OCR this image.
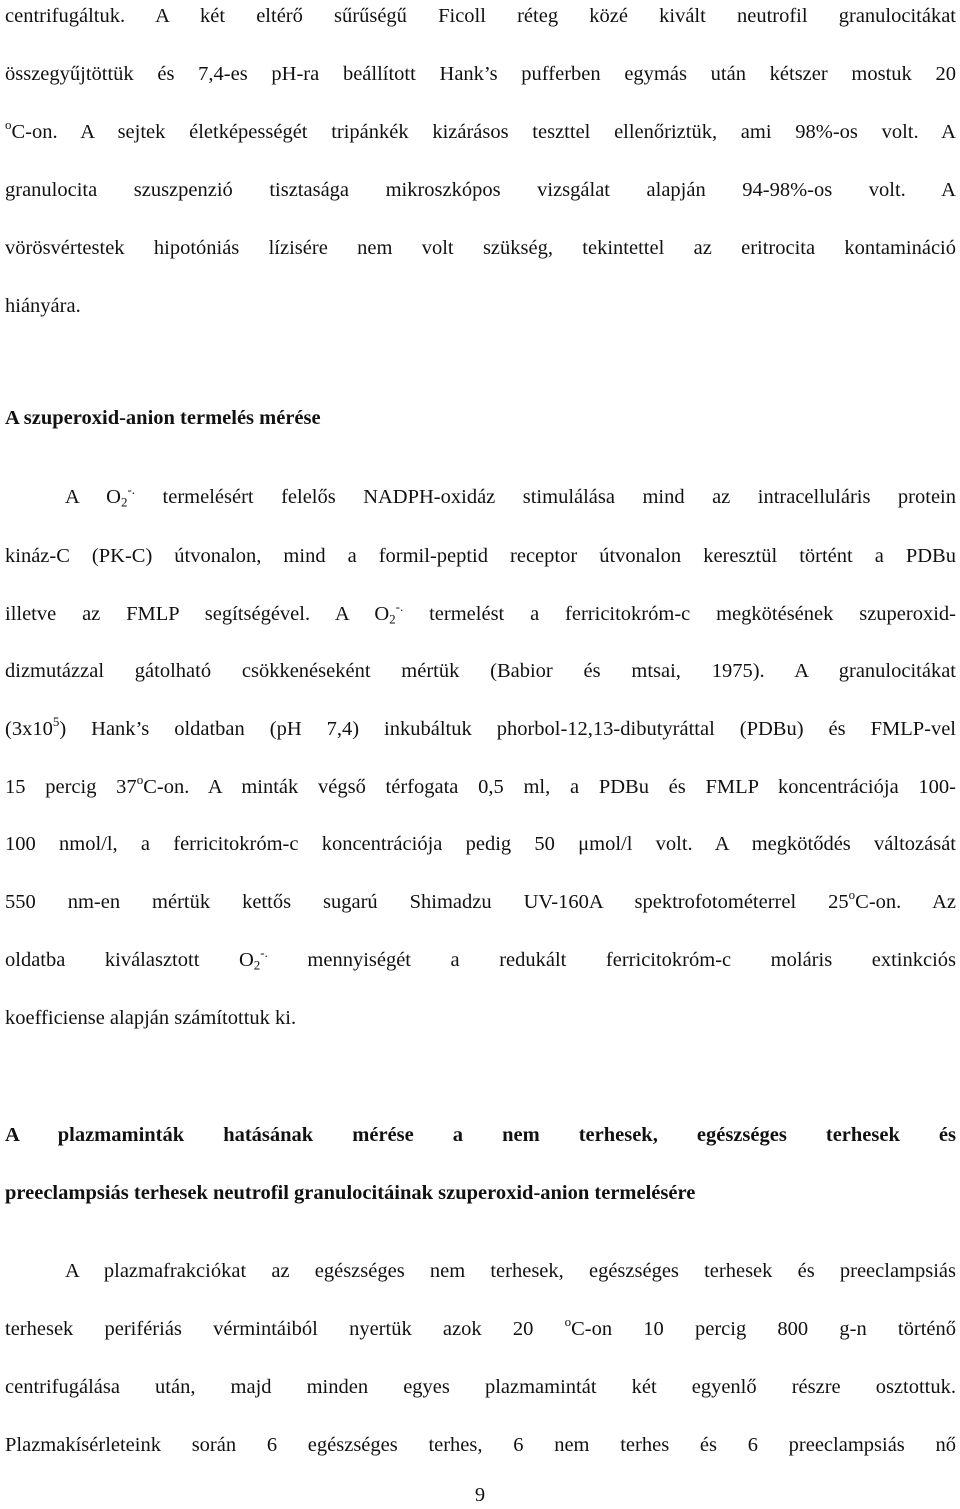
centrifugáltuk. A két eltérő sűrűségű Ficoll réteg közé kivált neutrofil granulocitákat
összegyűjtöttük és 7,4-es pH-ra beállított Hank’s pufferben egymás után kétszer mostuk 20
$^o$C-on. A sejtek életképességét tripánkék kizárásos teszttel ellenőriztük, ami 98%-os volt. A
granulocita szuszpenzió tisztasága mikroszkópos vizsgálat alapján 94-98%-os volt. A
vörösvértestek hipotóniás lízisére nem volt szükség, tekintettel az eritrocita kontamináció
hiányára.
A szuperoxid-anion termelés mérése
A $O_2^{-.}$ termelésért felelős NADPH-oxidáz stimulálása mind az intracelluláris protein
kináz-C (PK-C) útvonalon, mind a formil-peptid receptor útvonalon keresztül történt a PDBu
illetve az FMLP segítségével. A $O_2^{-.}$ termelést a ferricitokróm-c megkötésének szuperoxid-
dizmutázzal gátolható csökkenéseként mértük (Babior és mtsai, 1975). A granulocitákat
$(3x10^5)$ Hank’s oldatban (pH 7,4) inkubáltuk phorbol-12,13-dibutyráttal (PDBu) és FMLP-vel
15 percig 37$^o$C-on. A minták végső térfogata 0,5 ml, a PDBu és FMLP koncentrációja 100-
100 nmol/l, a ferricitokróm-c koncentrációja pedig 50 μmol/l volt. A megkötődés változását
550 nm-en mértük kettős sugarú Shimadzu UV-160A spektrofotométerrel 25$^o$C-on. Az
oldatba kiválasztott $O_2^{-.}$ mennyiségét a redukált ferricitokróm-c moláris extinkciós
koefficiense alapján számítottuk ki.
A plazmaminták hatásának mérése a nem terhesek, egészséges terhesek és
preeclampsiás terhesek neutrofil granulocitáinak szuperoxid-anion termelésére
A plazmafrakciókat az egészséges nem terhesek, egészséges terhesek és preeclampsiás
terhesek perifériás vérmintáiból nyertük azok 20 $^o$C-on 10 percig 800 g-n történő
centrifugálása után, majd minden egyes plazmamintát két egyenlő részre osztottuk.
Plazmakísérleteink során 6 egészséges terhes, 6 nem terhes és 6 preeclampsiás nő
9
